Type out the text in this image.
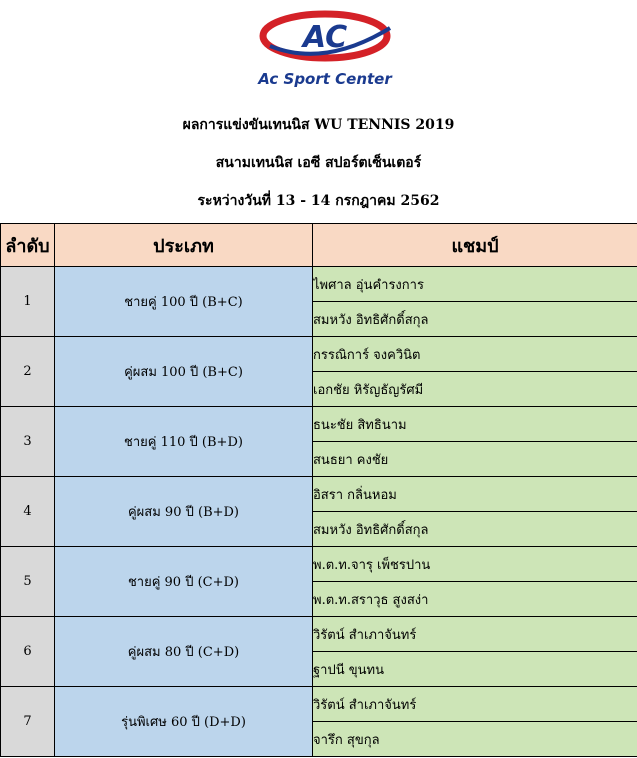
AC
Ac Sport Center
ผลการแข่งขันเทนนิส WU TENNIS 2019
สนามเทนนิส เอซี สปอร์ตเซ็นเตอร์
ระหว่างวันที่ 13 - 14 กรกฎาคม 2562
ลำดับ	ประเภท	แชมป์
1	ชายคู่ 100 ปี (B+C)	ไพศาล อุ่นคำรงการ
		สมหวัง อิทธิศักดิ์สกุล
2	คู่ผสม 100 ปี (B+C)	กรรณิการ์ จงควินิต
		เอกชัย หิรัญธัญรัศมี
3	ชายคู่ 110 ปี (B+D)	ธนะชัย สิทธินาม
		สนธยา คงชัย
4	คู่ผสม 90 ปี (B+D)	อิสรา กลิ่นหอม
		สมหวัง อิทธิศักดิ์สกุล
5	ชายคู่ 90 ปี (C+D)	พ.ต.ท.จารุ เพ็ชรปาน
		พ.ต.ท.สราวุธ สูงสง่า
6	คู่ผสม 80 ปี (C+D)	วิรัตน์ สำเภาจันทร์
		ฐาปนี ขุนทน
7	รุ่นพิเศษ 60 ปี (D+D)	วิรัตน์ สำเภาจันทร์
		จารึก สุขกุล
